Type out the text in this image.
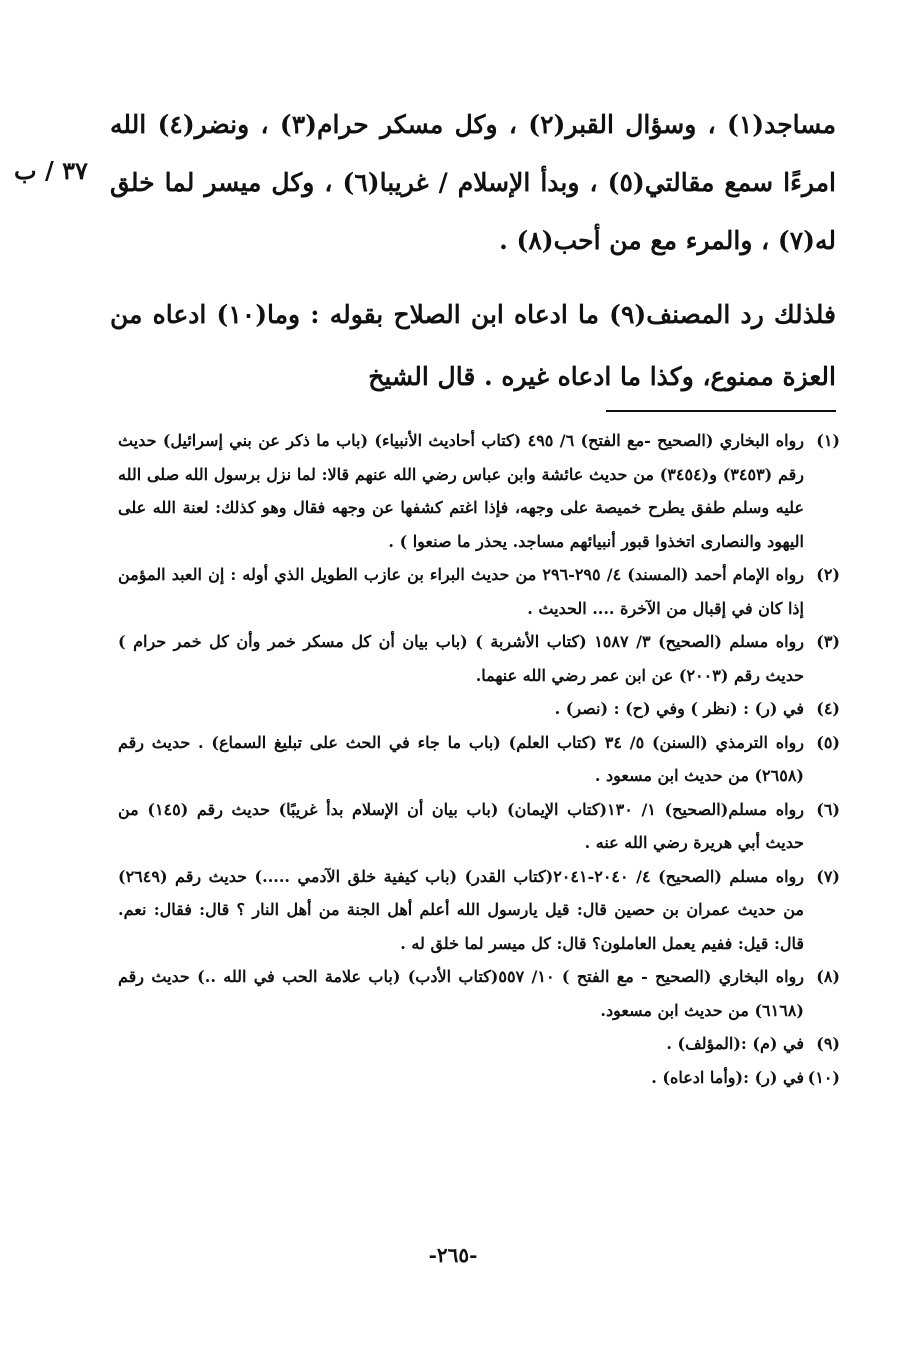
٣٧ / ب

مساجد(١) ، وسؤال القبر(٢) ، وكل مسكر حرام(٣) ، ونضر(٤) الله امرءًا سمع مقالتي(٥) ، وبدأ الإسلام / غريبا(٦) ، وكل ميسر لما خلق له(٧) ، والمرء مع من أحب(٨) .

فلذلك رد المصنف(٩) ما ادعاه ابن الصلاح بقوله : وما(١٠) ادعاه من العزة ممنوع، وكذا ما ادعاه غيره . قال الشيخ

(١)
رواه البخاري (الصحيح -مع الفتح) ٦/ ٤٩٥ (كتاب أحاديث الأنبياء) (باب ما ذكر عن بني إسرائيل) حديث رقم (٣٤٥٣) و(٣٤٥٤) من حديث عائشة وابن عباس رضي الله عنهم قالا: لما نزل برسول الله صلى الله عليه وسلم طفق يطرح خميصة على وجهه، فإذا اغتم كشفها عن وجهه فقال وهو كذلك: لعنة الله على اليهود والنصارى اتخذوا قبور أنبيائهم مساجد. يحذر ما صنعوا ) .
(٢)
رواه الإمام أحمد (المسند) ٤/ ٢٩٥-٢٩٦ من حديث البراء بن عازب الطويل الذي أوله : إن العبد المؤمن إذا كان في إقبال من الآخرة .... الحديث .
(٣)
رواه مسلم (الصحيح) ٣/ ١٥٨٧ (كتاب الأشربة ) (باب بيان أن كل مسكر خمر وأن كل خمر حرام ) حديث رقم (٢٠٠٣) عن ابن عمر رضي الله عنهما.
(٤)
في (ر) : (نظر ) وفي (ح) : (نصر) .
(٥)
رواه الترمذي (السنن) ٥/ ٣٤ (كتاب العلم) (باب ما جاء في الحث على تبليغ السماع) . حديث رقم (٢٦٥٨) من حديث ابن مسعود .
(٦)
رواه مسلم(الصحيح) ١/ ١٣٠(كتاب الإيمان) (باب بيان أن الإسلام بدأ غريبًا) حديث رقم (١٤٥) من حديث أبي هريرة رضي الله عنه .
(٧)
رواه مسلم (الصحيح) ٤/ ٢٠٤٠-٢٠٤١(كتاب القدر) (باب كيفية خلق الآدمي .....) حديث رقم (٢٦٤٩) من حديث عمران بن حصين قال: قيل يارسول الله أعلم أهل الجنة من أهل النار ؟ قال: فقال: نعم. قال: قيل: ففيم يعمل العاملون؟ قال: كل ميسر لما خلق له .
(٨)
رواه البخاري (الصحيح - مع الفتح ) ١٠/ ٥٥٧(كتاب الأدب) (باب علامة الحب في الله ..) حديث رقم (٦١٦٨) من حديث ابن مسعود.
(٩)
في (م) :(المؤلف) .
(١٠)
في (ر) :(وأما ادعاه) .
-٢٦٥-
